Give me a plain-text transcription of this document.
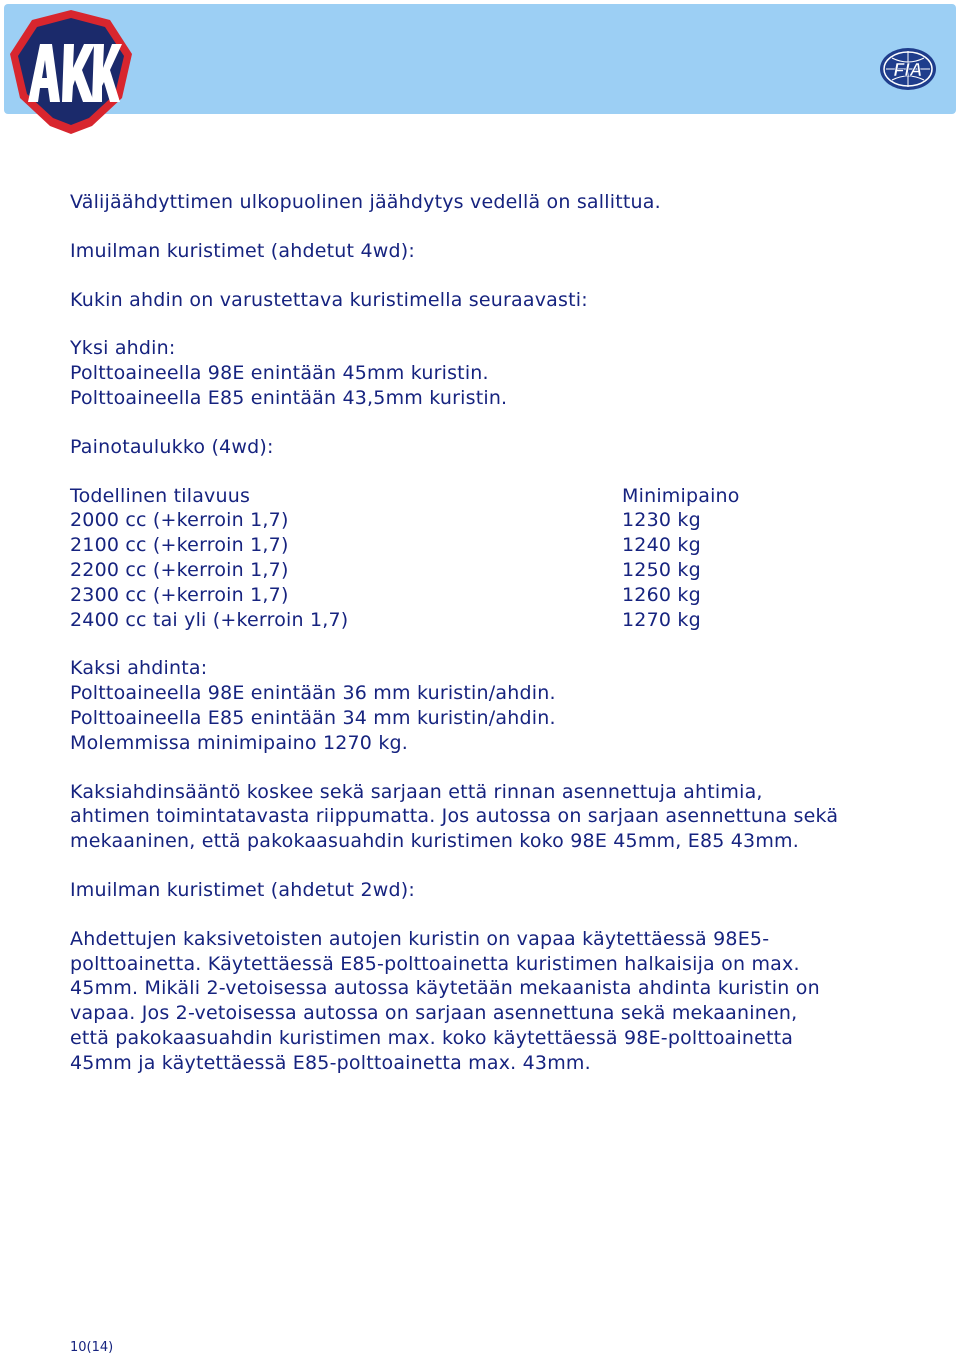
FIA

Välijäähdyttimen ulkopuolinen jäähdytys vedellä on sallittua.

Imuilman kuristimet (ahdetut 4wd):

Kukin ahdin on varustettava kuristimella seuraavasti:

Yksi ahdin:
Polttoaineella 98E enintään 45mm kuristin.
Polttoaineella E85 enintään 43,5mm kuristin.

Painotaulukko (4wd):

Todellinen tilavuus	Minimipaino
2000 cc (+kerroin 1,7)	1230 kg
2100 cc (+kerroin 1,7)	1240 kg
2200 cc (+kerroin 1,7)	1250 kg
2300 cc (+kerroin 1,7)	1260 kg
2400 cc tai yli (+kerroin 1,7)	1270 kg
Kaksi ahdinta:
Polttoaineella 98E enintään 36 mm kuristin/ahdin.
Polttoaineella E85 enintään 34 mm kuristin/ahdin.
Molemmissa minimipaino 1270 kg.
Kaksiahdinsääntö koskee sekä sarjaan että rinnan asennettuja ahtimia,
ahtimen toimintatavasta riippumatta. Jos autossa on sarjaan asennettuna sekä
mekaaninen, että pakokaasuahdin kuristimen koko 98E 45mm, E85 43mm.

Imuilman kuristimet (ahdetut 2wd):

Ahdettujen kaksivetoisten autojen kuristin on vapaa käytettäessä 98E5-
polttoainetta. Käytettäessä E85-polttoainetta kuristimen halkaisija on max.
45mm. Mikäli 2-vetoisessa autossa käytetään mekaanista ahdinta kuristin on
vapaa. Jos 2-vetoisessa autossa on sarjaan asennettuna sekä mekaaninen,
että pakokaasuahdin kuristimen max. koko käytettäessä 98E-polttoainetta
45mm ja käytettäessä E85-polttoainetta max. 43mm.
10(14)
